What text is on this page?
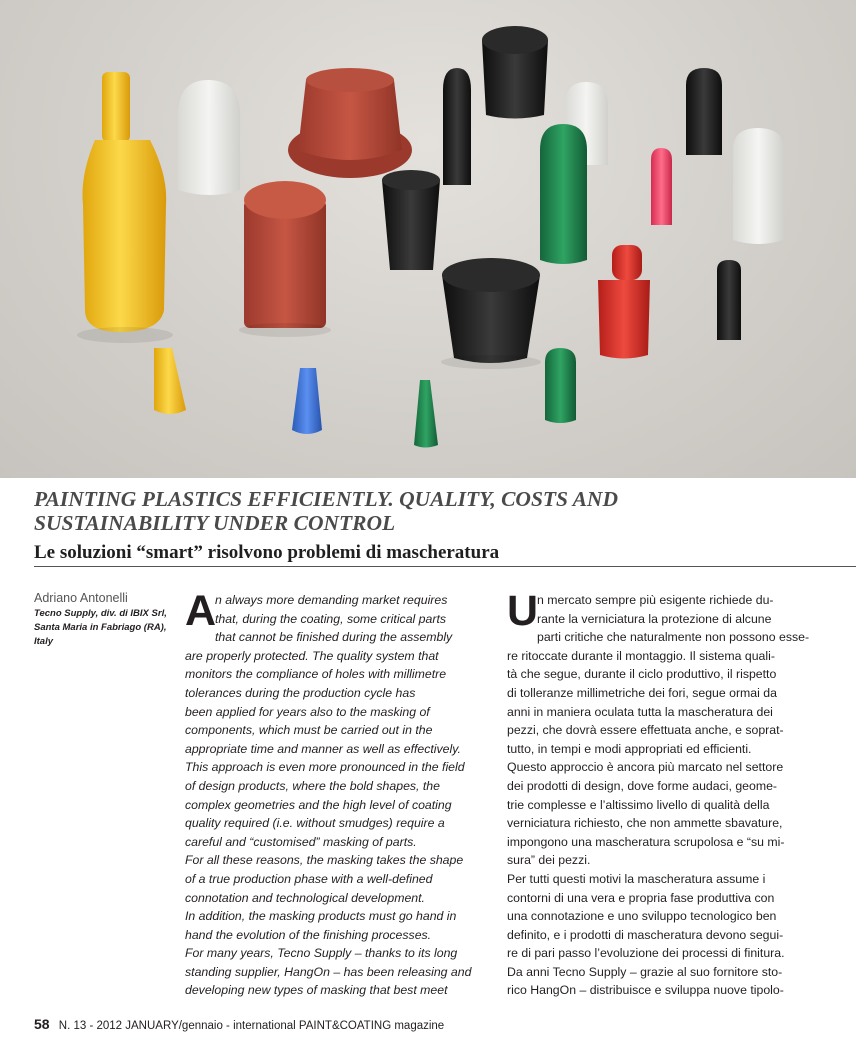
PAINTING PLASTICS EFFICIENTLY. QUALITY, COSTS AND
SUSTAINABILITY UNDER CONTROL
Le soluzioni “smart” risolvono problemi di mascheratura
Adriano Antonelli
Tecno Supply, div. di IBIX Srl,
Santa Maria in Fabriago (RA),
Italy
A
n always more demanding market requires
that, during the coating, some critical parts
that cannot be finished during the assembly
are properly protected. The quality system that
monitors the compliance of holes with millimetre
tolerances during the production cycle has
been applied for years also to the masking of
components, which must be carried out in the
appropriate time and manner as well as effectively.
This approach is even more pronounced in the field
of design products, where the bold shapes, the
complex geometries and the high level of coating
quality required (i.e. without smudges) require a
careful and “customised” masking of parts.
For all these reasons, the masking takes the shape
of a true production phase with a well-defined
connotation and technological development.
In addition, the masking products must go hand in
hand the evolution of the finishing processes.
For many years, Tecno Supply – thanks to its long
standing supplier, HangOn – has been releasing and
developing new types of masking that best meet
U
n mercato sempre più esigente richiede du-
rante la verniciatura la protezione di alcune
parti critiche che naturalmente non possono esse-
re ritoccate durante il montaggio. Il sistema quali-
tà che segue, durante il ciclo produttivo, il rispetto
di tolleranze millimetriche dei fori, segue ormai da
anni in maniera oculata tutta la mascheratura dei
pezzi, che dovrà essere effettuata anche, e soprat-
tutto, in tempi e modi appropriati ed efficienti.
Questo approccio è ancora più marcato nel settore
dei prodotti di design, dove forme audaci, geome-
trie complesse e l’altissimo livello di qualità della
verniciatura richiesto, che non ammette sbavature,
impongono una mascheratura scrupolosa e “su mi-
sura” dei pezzi.
Per tutti questi motivi la mascheratura assume i
contorni di una vera e propria fase produttiva con
una connotazione e uno sviluppo tecnologico ben
definito, e i prodotti di mascheratura devono segui-
re di pari passo l’evoluzione dei processi di finitura.
Da anni Tecno Supply – grazie al suo fornitore sto-
rico HangOn – distribuisce e sviluppa nuove tipolo-
58 N. 13 - 2012 JANUARY/gennaio - international PAINT&COATING magazine
